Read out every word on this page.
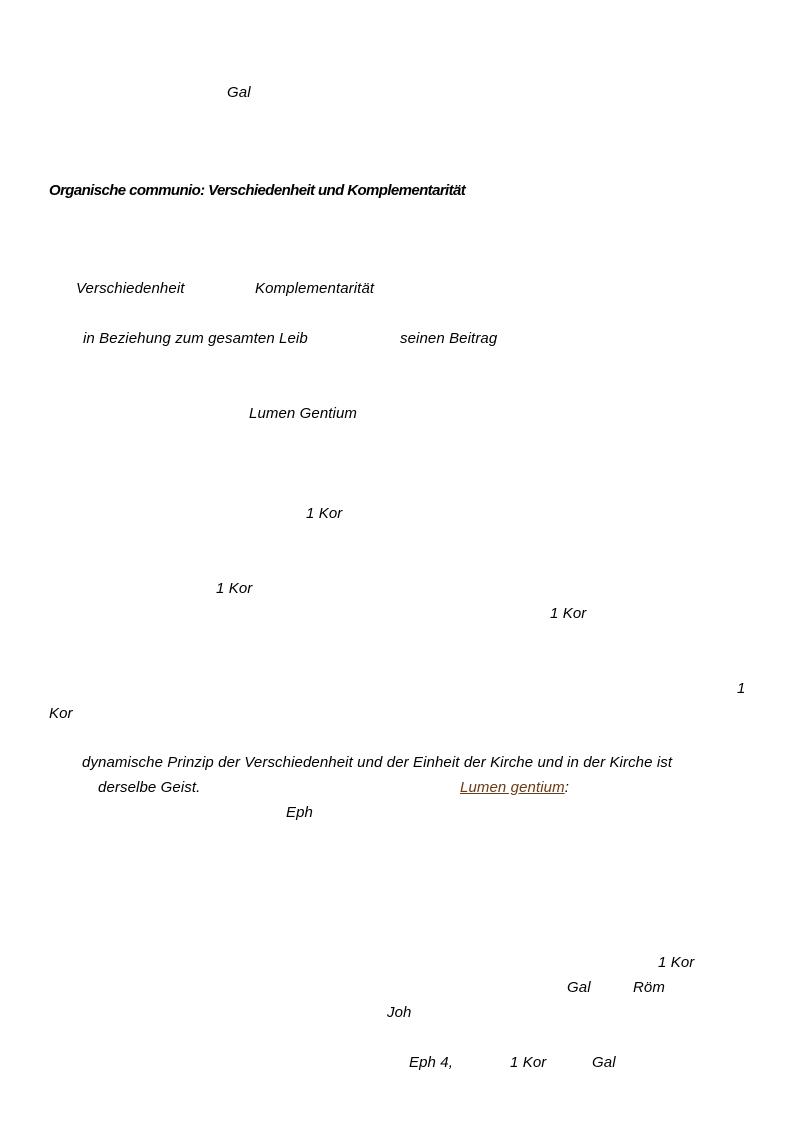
Gal
Organische communio: Verschiedenheit und Komplementarität
Verschiedenheit	Komplementarität
in Beziehung zum gesamten Leib	seinen Beitrag
Lumen Gentium
1 Kor
1 Kor
1 Kor
1
Kor
dynamische Prinzip der Verschiedenheit und der Einheit der Kirche und in der Kirche ist
derselbe Geist.	Lumen gentium:
Eph
1 Kor
Gal	Röm
Joh
Eph 4,	1 Kor	Gal
